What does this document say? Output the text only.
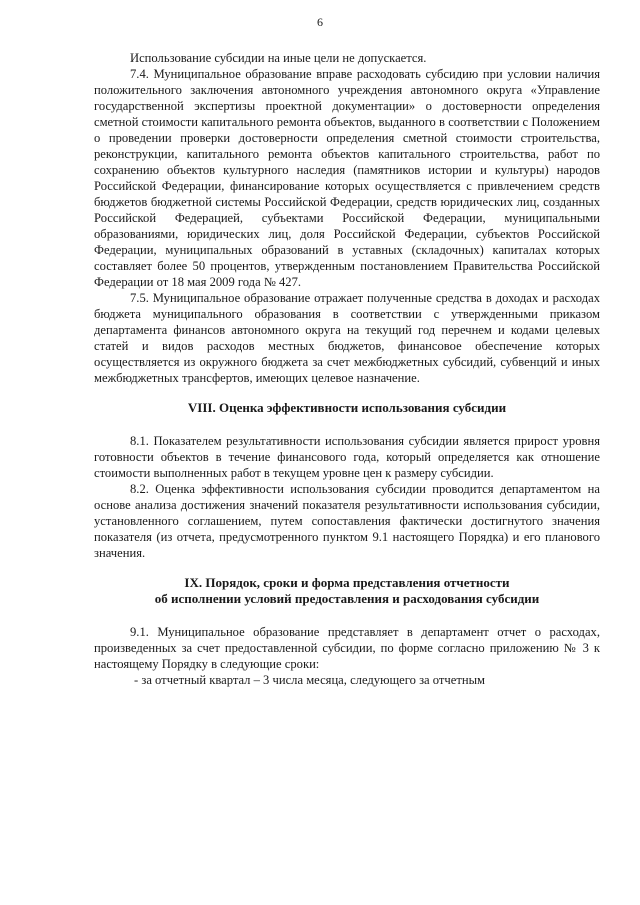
6

Использование субсидии на иные цели не допускается.

7.4. Муниципальное образование вправе расходовать субсидию при условии наличия положительного заключения автономного учреждения автономного округа «Управление государственной экспертизы проектной документации» о достоверности определения сметной стоимости капитального ремонта объектов, выданного в соответствии с Положением о проведении проверки достоверности определения сметной стоимости строительства, реконструкции, капитального ремонта объектов капитального строительства, работ по сохранению объектов культурного наследия (памятников истории и культуры) народов Российской Федерации, финансирование которых осуществляется с привлечением средств бюджетов бюджетной системы Российской Федерации, средств юридических лиц, созданных Российской Федерацией, субъектами Российской Федерации, муниципальными образованиями, юридических лиц, доля Российской Федерации, субъектов Российской Федерации, муниципальных образований в уставных (складочных) капиталах которых составляет более 50 процентов, утвержденным постановлением Правительства Российской Федерации от 18 мая 2009 года № 427.

7.5. Муниципальное образование отражает полученные средства в доходах и расходах бюджета муниципального образования в соответствии с утвержденными приказом департамента финансов автономного округа на текущий год перечнем и кодами целевых статей и видов расходов местных бюджетов, финансовое обеспечение которых осуществляется из окружного бюджета за счет межбюджетных субсидий, субвенций и иных межбюджетных трансфертов, имеющих целевое назначение.

VIII. Оценка эффективности использования субсидии

8.1. Показателем результативности использования субсидии является прирост уровня готовности объектов в течение финансового года, который определяется как отношение стоимости выполненных работ в текущем уровне цен к размеру субсидии.

8.2. Оценка эффективности использования субсидии проводится департаментом на основе анализа достижения значений показателя результативности использования субсидии, установленного соглашением, путем сопоставления фактически достигнутого значения показателя (из отчета, предусмотренного пунктом 9.1 настоящего Порядка) и его планового значения.

IX. Порядок, сроки и форма представления отчетности
об исполнении условий предоставления и расходования субсидии

9.1. Муниципальное образование представляет в департамент отчет о расходах, произведенных за счет предоставленной субсидии, по форме согласно приложению № 3 к настоящему Порядку в следующие сроки:

- за отчетный квартал – 3 числа месяца, следующего за отчетным
